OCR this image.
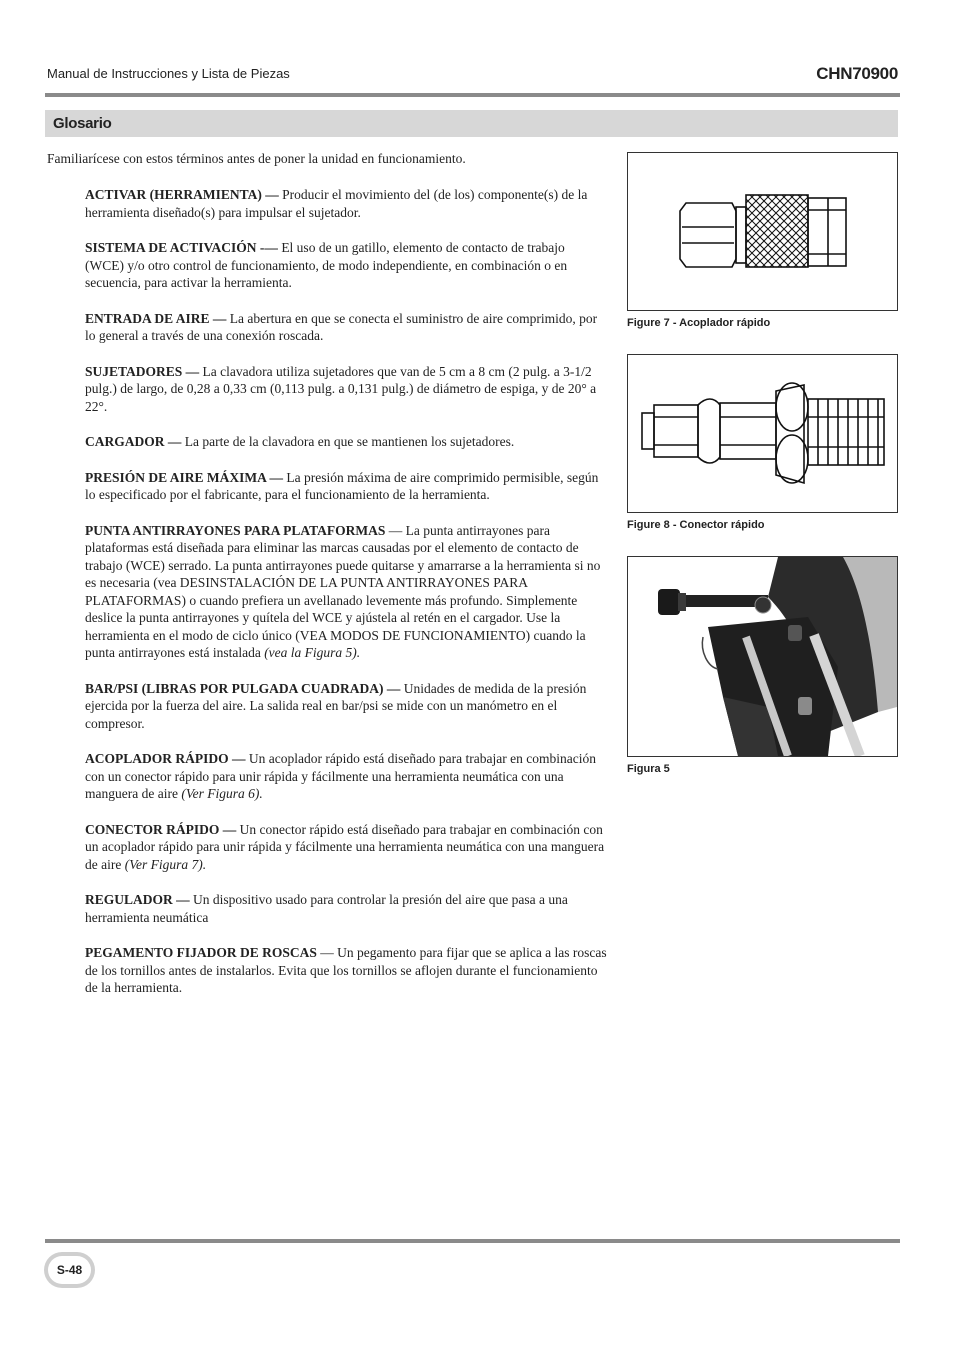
Manual de Instrucciones y Lista de Piezas	CHN70900
Glosario
Familiarícese con estos términos antes de poner la unidad en funcionamiento.
ACTIVAR (HERRAMIENTA) — Producir el movimiento del (de los) componente(s) de la herramienta diseñado(s) para impulsar el sujetador.
SISTEMA DE ACTIVACIÓN -— El uso de un gatillo, elemento de contacto de trabajo (WCE) y/o otro control de funcionamiento, de modo independiente, en combinación o en secuencia, para activar la herramienta.
ENTRADA DE AIRE — La abertura en que se conecta el suministro de aire comprimido, por lo general a través de una conexión roscada.
SUJETADORES — La clavadora utiliza sujetadores que van de 5 cm a 8 cm (2 pulg. a 3-1/2 pulg.) de largo, de 0,28 a 0,33 cm (0,113 pulg. a 0,131 pulg.) de diámetro de espiga, y de 20° a 22°.
CARGADOR — La parte de la clavadora en que se mantienen los sujetadores.
PRESIÓN DE AIRE MÁXIMA — La presión máxima de aire comprimido permisible, según lo especificado por el fabricante, para el funcionamiento de la herramienta.
PUNTA ANTIRRAYONES PARA PLATAFORMAS — La punta antirrayones para plataformas está diseñada para eliminar las marcas causadas por el elemento de contacto de trabajo (WCE) serrado. La punta antirrayones puede quitarse y amarrarse a la herramienta si no es necesaria (vea DESINSTALACIÓN DE LA PUNTA ANTIRRAYONES PARA PLATAFORMAS) o cuando prefiera un avellanado levemente más profundo. Simplemente deslice la punta antirrayones y quítela del WCE y ajústela al retén en el cargador. Use la herramienta en el modo de ciclo único (VEA MODOS DE FUNCIONAMIENTO) cuando la punta antirrayones está instalada (vea la Figura 5).
BAR/PSI (LIBRAS POR PULGADA CUADRADA) — Unidades de medida de la presión ejercida por la fuerza del aire. La salida real en bar/psi se mide con un manómetro en el compresor.
ACOPLADOR RÁPIDO — Un acoplador rápido está diseñado para trabajar en combinación con un conector rápido para unir rápida y fácilmente una herramienta neumática con una manguera de aire (Ver Figura 6).
CONECTOR RÁPIDO — Un conector rápido está diseñado para trabajar en combinación con un acoplador rápido para unir rápida y fácilmente una herramienta neumática con una manguera de aire (Ver Figura 7).
REGULADOR — Un dispositivo usado para controlar la presión del aire que pasa a una herramienta neumática
PEGAMENTO FIJADOR DE ROSCAS — Un pegamento para fijar que se aplica a las roscas de los tornillos antes de instalarlos. Evita que los tornillos se aflojen durante el funcionamiento de la herramienta.
Figure 7 - Acoplador rápido
Figure 8 - Conector rápido
Figura 5
S-48
